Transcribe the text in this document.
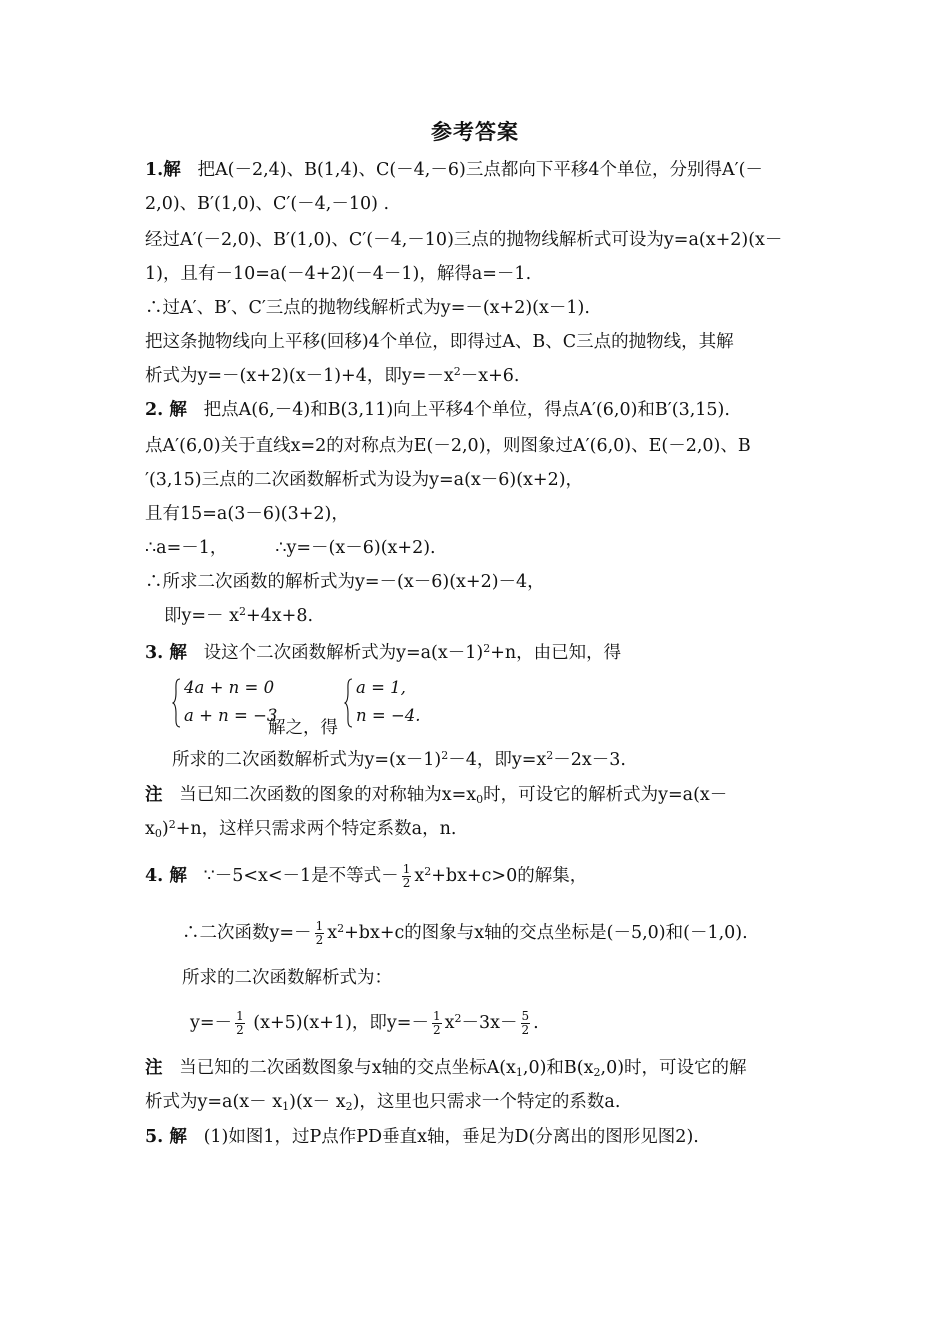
参考答案
1.解 把A(－2,4)、B(1,4)、C(－4,－6)三点都向下平移4个单位，分别得A′(－
2,0)、B′(1,0)、C′(－4,－10) .
经过A′(－2,0)、B′(1,0)、C′(－4,－10)三点的抛物线解析式可设为y=a(x+2)(x－
1)，且有－10=a(－4+2)(－4－1)，解得a=－1.
∴过A′、B′、C′三点的抛物线解析式为y=－(x+2)(x－1).
把这条抛物线向上平移(回移)4个单位，即得过A、B、C三点的抛物线，其解
析式为y=－(x+2)(x－1)+4，即$y=-x^2-x+6$.
2. 解 把点A(6,－4)和B(3,11)向上平移4个单位，得点A′(6,0)和B′(3,15).
点A′(6,0)关于直线x=2的对称点为E(－2,0)，则图象过A′(6,0)、E(－2,0)、B
′(3,15)三点的二次函数解析式为设为y=a(x－6)(x+2)，
且有15=a(3－6)(3+2)，
∴a=－1，	∴y=－(x－6)(x+2).
∴所求二次函数的解析式为y=－(x－6)(x+2)－4，
即$y=- x^2+4x+8$.
3. 解 设这个二次函数解析式为$y=a(x-1)^2+n$，由已知，得
4a + n = 0
a + n = −3
解之，得
a = 1,
n = −4.
所求的二次函数解析式为$y=(x-1)^2-4$，即$y=x^2-2x-3$.
注 当已知二次函数的图象的对称轴为$x=x_0$时，可设它的解析式为y=a(x－
$x_0)^2+n$，这样只需求两个特定系数a，n.
4. 解 ∵－5<x<－1是不等式－ $\frac{1}{2} x^2+bx+c>0$的解集，
∴二次函数$y=- \frac{1}{2} x^2+bx+c$的图象与x轴的交点坐标是(－5,0)和(－1,0).
所求的二次函数解析式为：
$y=- \frac{1}{2} (x+5)(x+1)$，即$y=- \frac{1}{2} x^2-3x- \frac{5}{2}$ .
注 当已知的二次函数图象与x轴的交点坐标$A(x_1,0)$和$B(x_2,0)$时，可设它的解
析式为$y=a(x- x_1)(x- x_2)$，这里也只需求一个特定的系数a.
5. 解 (1)如图1，过P点作PD垂直x轴，垂足为D(分离出的图形见图2).
